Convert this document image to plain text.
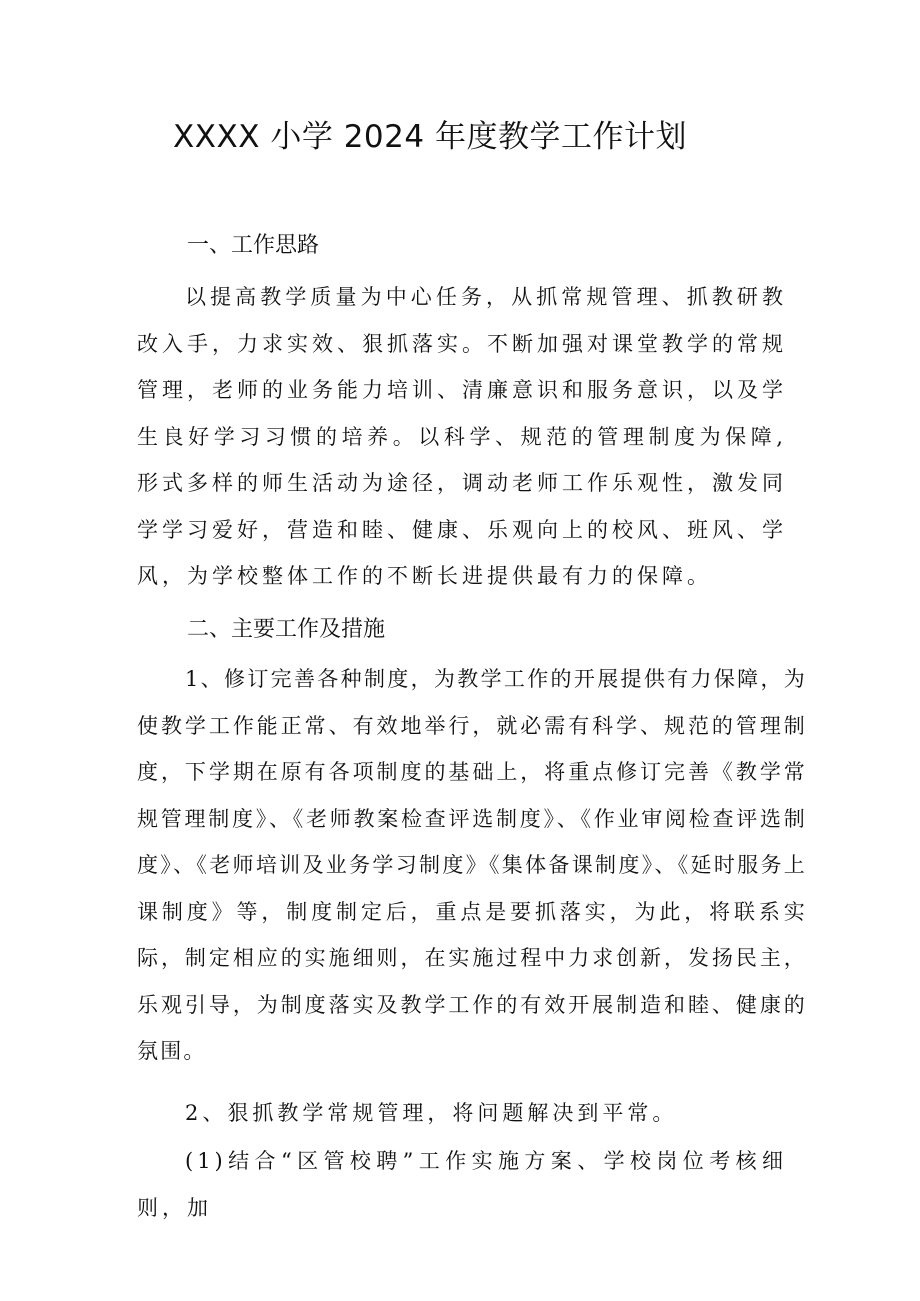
XXXX 小学 2024 年度教学工作计划
一、工作思路

以提高教学质量为中心任务，从抓常规管理、抓教研教改入手，力求实效、狠抓落实。不断加强对课堂教学的常规管理，老师的业务能力培训、清廉意识和服务意识，以及学生良好学习习惯的培养。以科学、规范的管理制度为保障,形式多样的师生活动为途径，调动老师工作乐观性，激发同学学习爱好，营造和睦、健康、乐观向上的校风、班风、学风，为学校整体工作的不断长进提供最有力的保障。

二、主要工作及措施

1、修订完善各种制度，为教学工作的开展提供有力保障，为使教学工作能正常、有效地举行，就必需有科学、规范的管理制度，下学期在原有各项制度的基础上，将重点修订完善《教学常规管理制度》、《老师教案检查评选制度》、《作业审阅检查评选制度》、《老师培训及业务学习制度》《集体备课制度》、《延时服务上课制度》等，制度制定后，重点是要抓落实，为此，将联系实际，制定相应的实施细则，在实施过程中力求创新，发扬民主，乐观引导，为制度落实及教学工作的有效开展制造和睦、健康的氛围。

2、狠抓教学常规管理，将问题解决到平常。

(1)结合“区管校聘”工作实施方案、学校岗位考核细则，加
